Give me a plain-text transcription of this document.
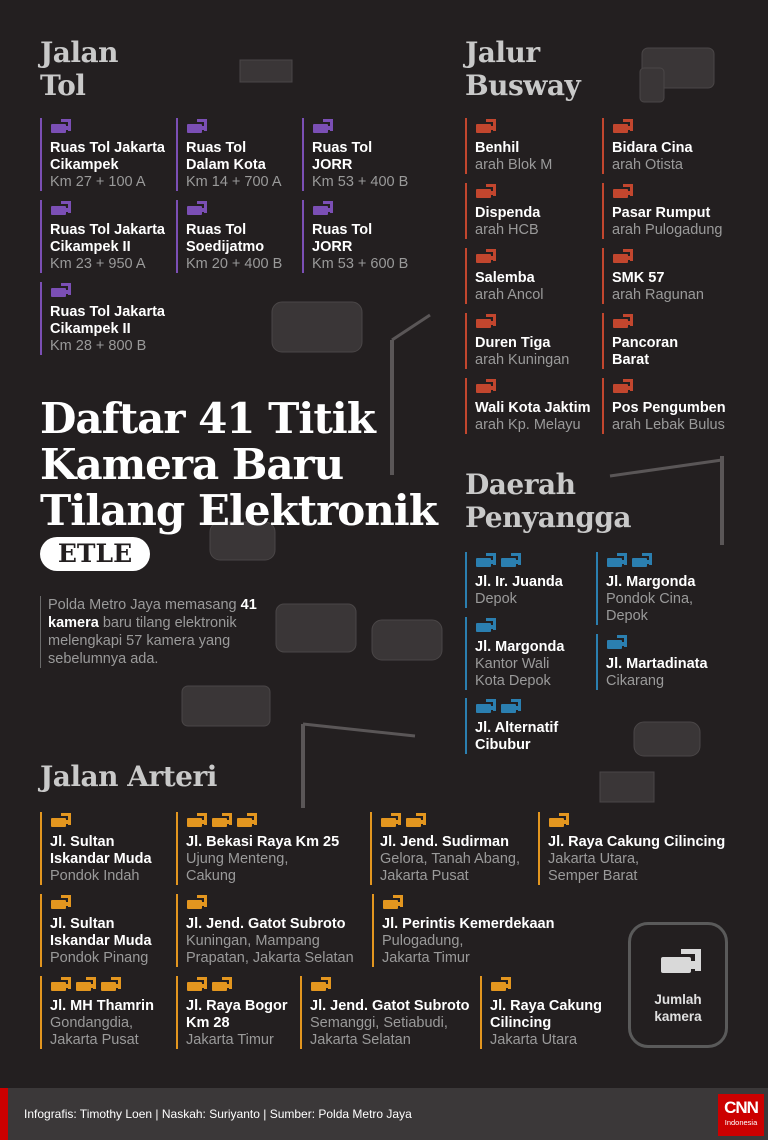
Jalan
Tol
Jalur
Busway
Daerah
Penyangga
Jalan Arteri
Daftar 41 Titik
Kamera Baru
Tilang Elektronik
ETLE
Polda Metro Jaya memasang 41 kamera baru tilang elektronik melengkapi 57 kamera yang sebelumnya ada.
Ruas Tol Jakarta
Cikampek
Km 27 + 100 A
Ruas Tol
Dalam Kota
Km 14 + 700 A
Ruas Tol
JORR
Km 53 + 400 B
Ruas Tol Jakarta
Cikampek II
Km 23 + 950 A
Ruas Tol
Soedijatmo
Km 20 + 400 B
Ruas Tol
JORR
Km 53 + 600 B
Ruas Tol Jakarta
Cikampek II
Km 28 + 800 B
Benhil
arah Blok M
Bidara Cina
arah Otista
Dispenda
arah HCB
Pasar Rumput
arah Pulogadung
Salemba
arah Ancol
SMK 57
arah Ragunan
Duren Tiga
arah Kuningan
Pancoran
Barat
Wali Kota Jaktim
arah Kp. Melayu
Pos Pengumben
arah Lebak Bulus
Jl. Ir. Juanda
Depok
Jl. Margonda
Pondok Cina,
Depok
Jl. Margonda
Kantor Wali
Kota Depok
Jl. Martadinata
Cikarang
Jl. Alternatif
Cibubur
Jl. Sultan
Iskandar Muda
Pondok Indah
Jl. Bekasi Raya Km 25
Ujung Menteng,
Cakung
Jl. Jend. Sudirman
Gelora, Tanah Abang,
Jakarta Pusat
Jl. Raya Cakung Cilincing
Jakarta Utara,
Semper Barat
Jl. Sultan
Iskandar Muda
Pondok Pinang
Jl. Jend. Gatot Subroto
Kuningan, Mampang
Prapatan, Jakarta Selatan
Jl. Perintis Kemerdekaan
Pulogadung,
Jakarta Timur
Jl. MH Thamrin
Gondangdia,
Jakarta Pusat
Jl. Raya Bogor
Km 28
Jakarta Timur
Jl. Jend. Gatot Subroto
Semanggi, Setiabudi,
Jakarta Selatan
Jl. Raya Cakung
Cilincing
Jakarta Utara
Jumlah
kamera
Infografis: Timothy Loen | Naskah: Suriyanto | Sumber: Polda Metro Jaya	CNN
Indonesia
